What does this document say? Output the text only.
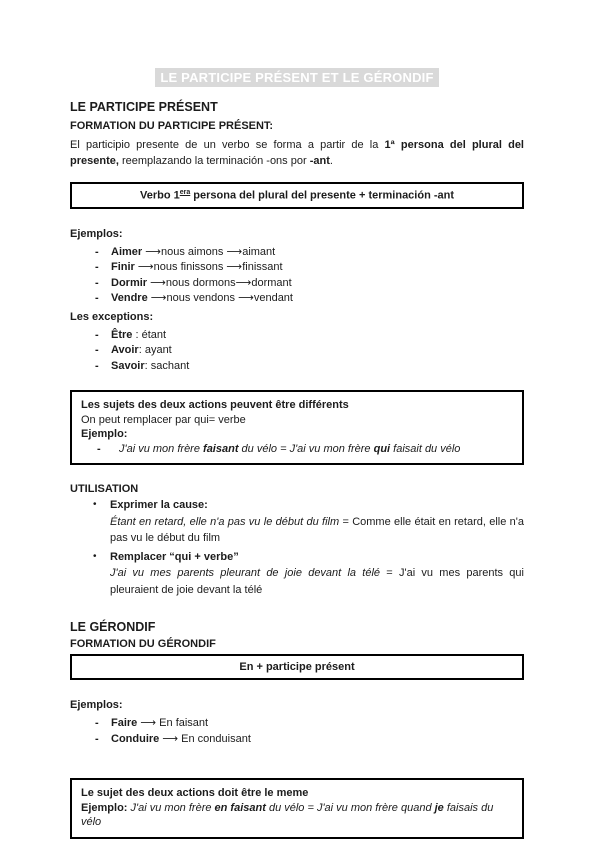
LE PARTICIPE PRÉSENT ET LE GÉRONDIF
LE PARTICIPE PRÉSENT
FORMATION DU PARTICIPE PRÉSENT:

El participio presente de un verbo se forma a partir de la 1ª persona del plural del presente, reemplazando la terminación -ons por -ant.

Verbo $1^{era}$ persona del plural del presente + terminación -ant
Ejemplos:
-	Aimer ⟶nous aimons ⟶aimant
-	Finir ⟶nous finissons ⟶finissant
-	Dormir ⟶nous dormons⟶dormant
-	Vendre ⟶nous vendons ⟶vendant
Les exceptions:
-	Être : étant
-	Avoir: ayant
-	Savoir: sachant
Les sujets des deux actions peuvent être différents
On peut remplacer par qui= verbe
Ejemplo:
-	J'ai vu mon frère faisant du vélo = J'ai vu mon frère qui faisait du vélo
UTILISATION
•	Exprimer la cause:
Étant en retard, elle n'a pas vu le début du film = Comme elle était en retard, elle n'a pas vu le début du film
•	Remplacer “qui + verbe”
J'ai vu mes parents pleurant de joie devant la télé = J'ai vu mes parents qui pleuraient de joie devant la télé
LE GÉRONDIF
FORMATION DU GÉRONDIF
En + participe présent
Ejemplos:
-	Faire ⟶ En faisant
-	Conduire ⟶ En conduisant
Le sujet des deux actions doit être le meme
Ejemplo: J'ai vu mon frère en faisant du vélo = J'ai vu mon frère quand je faisais du vélo
